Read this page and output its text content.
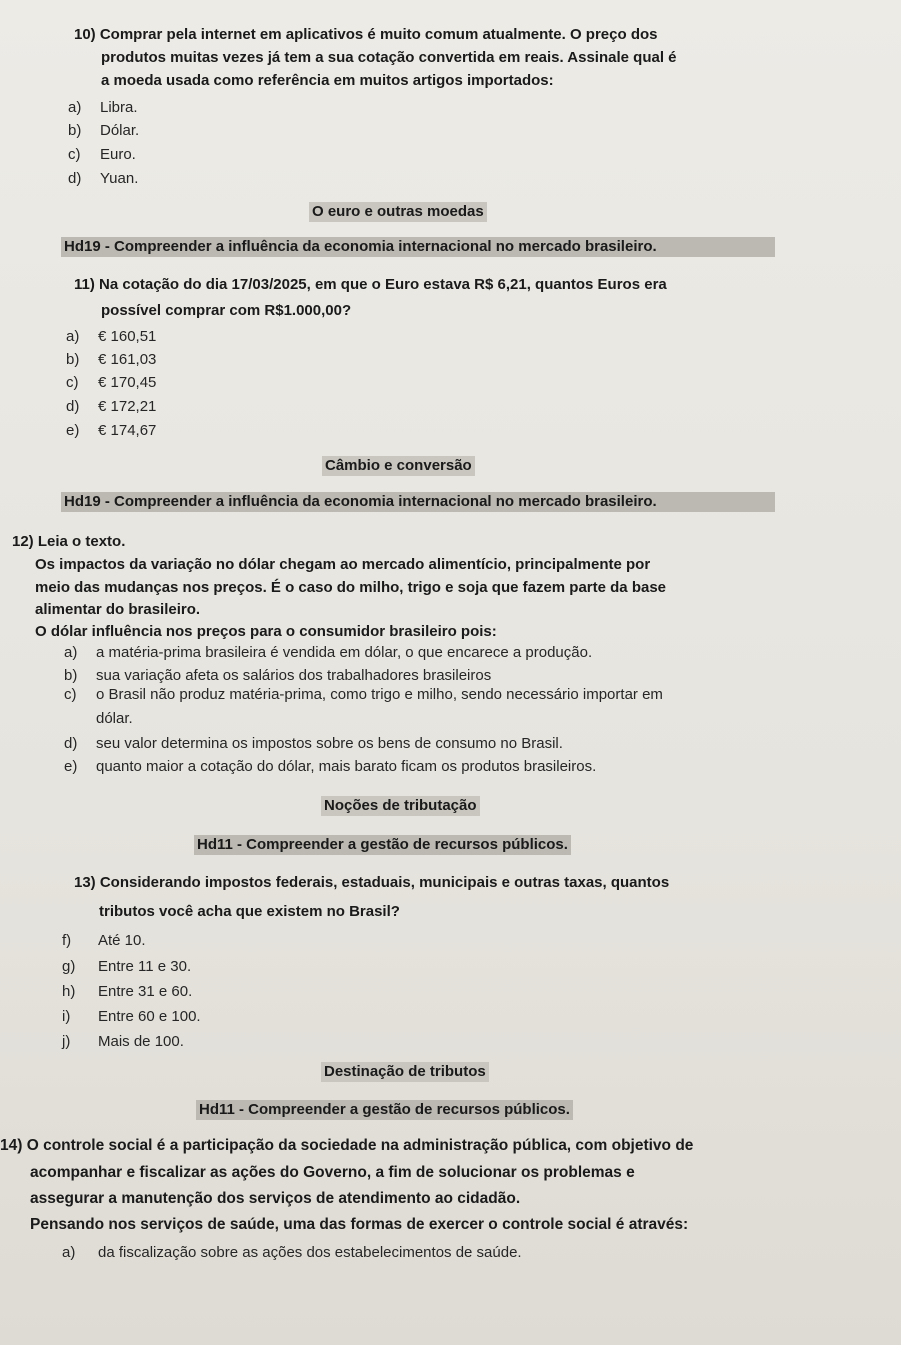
10) Comprar pela internet em aplicativos é muito comum atualmente. O preço dos
produtos muitas vezes já tem a sua cotação convertida em reais. Assinale qual é
a moeda usada como referência em muitos artigos importados:
a) Libra.
b) Dólar.
c) Euro.
d) Yuan.
O euro e outras moedas
Hd19 - Compreender a influência da economia internacional no mercado brasileiro.
11) Na cotação do dia 17/03/2025, em que o Euro estava R$ 6,21, quantos Euros era
possível comprar com R$1.000,00?
a) € 160,51
b) € 161,03
c) € 170,45
d) € 172,21
e) € 174,67
Câmbio e conversão
Hd19 - Compreender a influência da economia internacional no mercado brasileiro.
12) Leia o texto.
Os impactos da variação no dólar chegam ao mercado alimentício, principalmente por
meio das mudanças nos preços. É o caso do milho, trigo e soja que fazem parte da base
alimentar do brasileiro.
O dólar influência nos preços para o consumidor brasileiro pois:
a) a matéria-prima brasileira é vendida em dólar, o que encarece a produção.
b) sua variação afeta os salários dos trabalhadores brasileiros
c) o Brasil não produz matéria-prima, como trigo e milho, sendo necessário importar em
dólar.
d) seu valor determina os impostos sobre os bens de consumo no Brasil.
e) quanto maior a cotação do dólar, mais barato ficam os produtos brasileiros.
Noções de tributação
Hd11 - Compreender a gestão de recursos públicos.
13) Considerando impostos federais, estaduais, municipais e outras taxas, quantos
tributos você acha que existem no Brasil?
f) Até 10.
g) Entre 11 e 30.
h) Entre 31 e 60.
i) Entre 60 e 100.
j) Mais de 100.
Destinação de tributos
Hd11 - Compreender a gestão de recursos públicos.
14) O controle social é a participação da sociedade na administração pública, com objetivo de
acompanhar e fiscalizar as ações do Governo, a fim de solucionar os problemas e
assegurar a manutenção dos serviços de atendimento ao cidadão.
Pensando nos serviços de saúde, uma das formas de exercer o controle social é através:
a) da fiscalização sobre as ações dos estabelecimentos de saúde.
